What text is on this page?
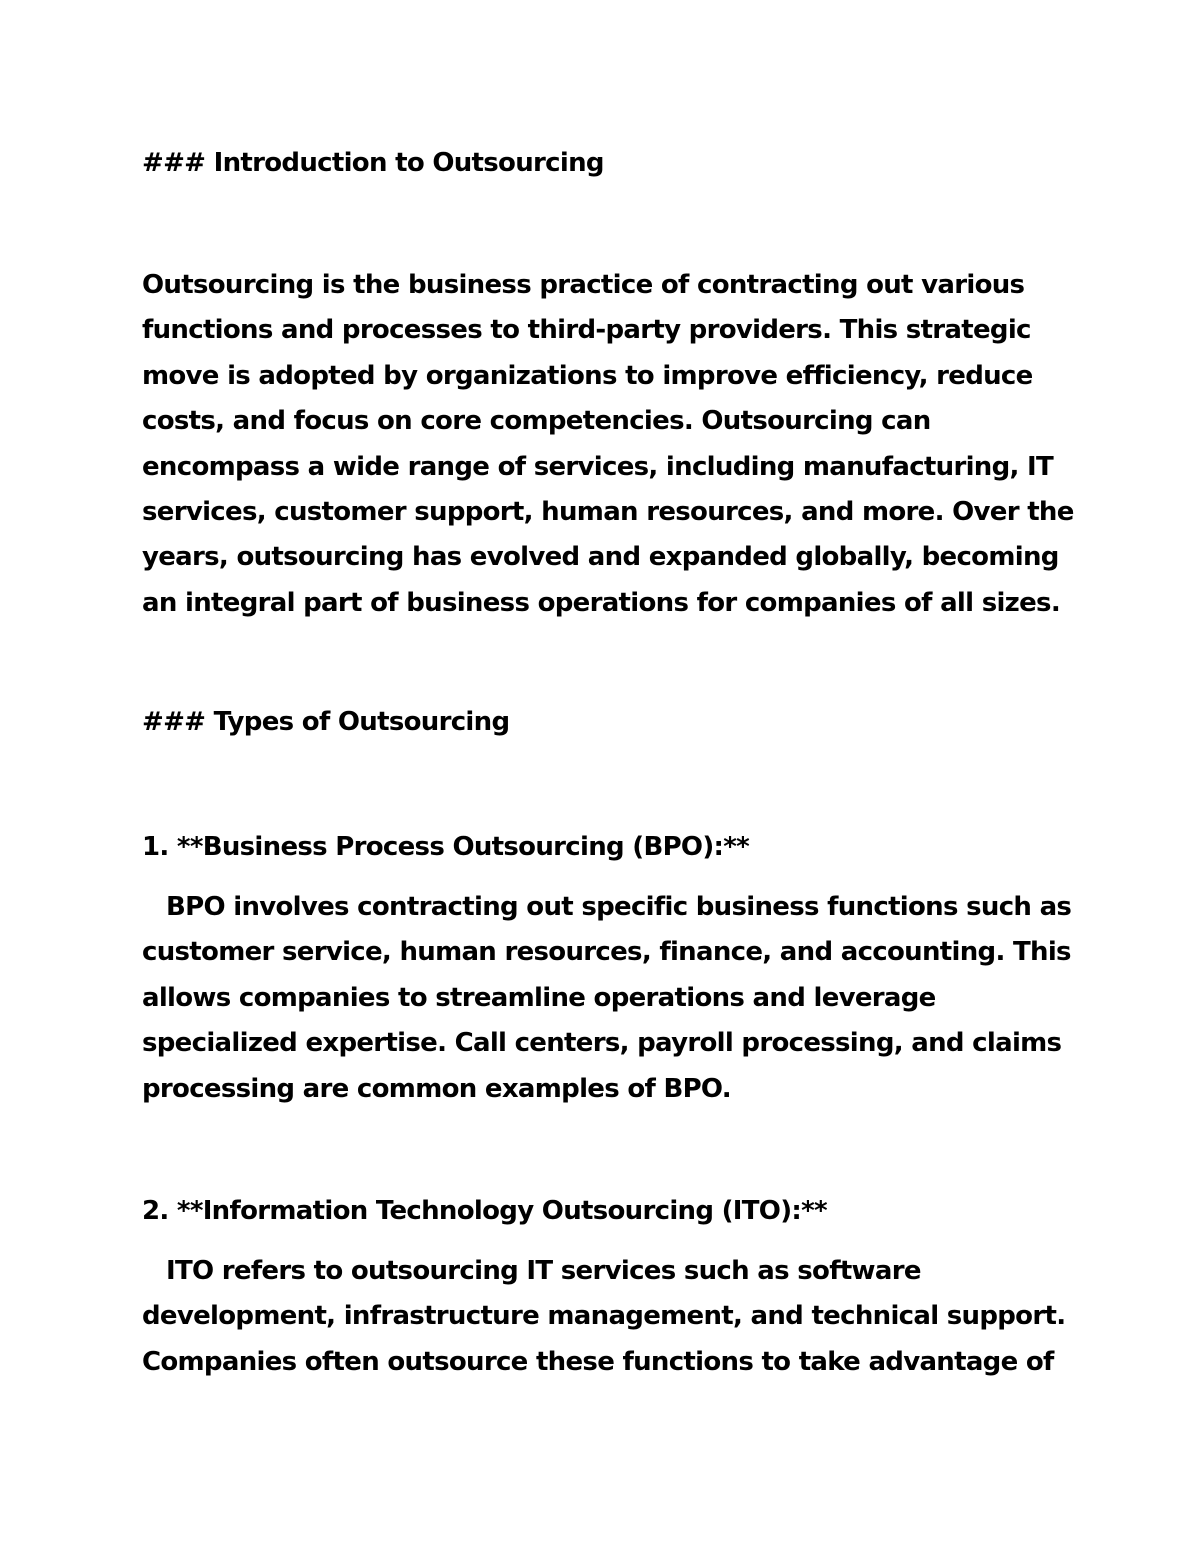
### Introduction to Outsourcing

Outsourcing is the business practice of contracting out various
functions and processes to third-party providers. This strategic
move is adopted by organizations to improve efficiency, reduce
costs, and focus on core competencies. Outsourcing can
encompass a wide range of services, including manufacturing, IT
services, customer support, human resources, and more. Over the
years, outsourcing has evolved and expanded globally, becoming
an integral part of business operations for companies of all sizes.

### Types of Outsourcing
1. **Business Process Outsourcing (BPO):**

BPO involves contracting out specific business functions such as
customer service, human resources, finance, and accounting. This
allows companies to streamline operations and leverage
specialized expertise. Call centers, payroll processing, and claims
processing are common examples of BPO.

2. **Information Technology Outsourcing (ITO):**

ITO refers to outsourcing IT services such as software
development, infrastructure management, and technical support.
Companies often outsource these functions to take advantage of
